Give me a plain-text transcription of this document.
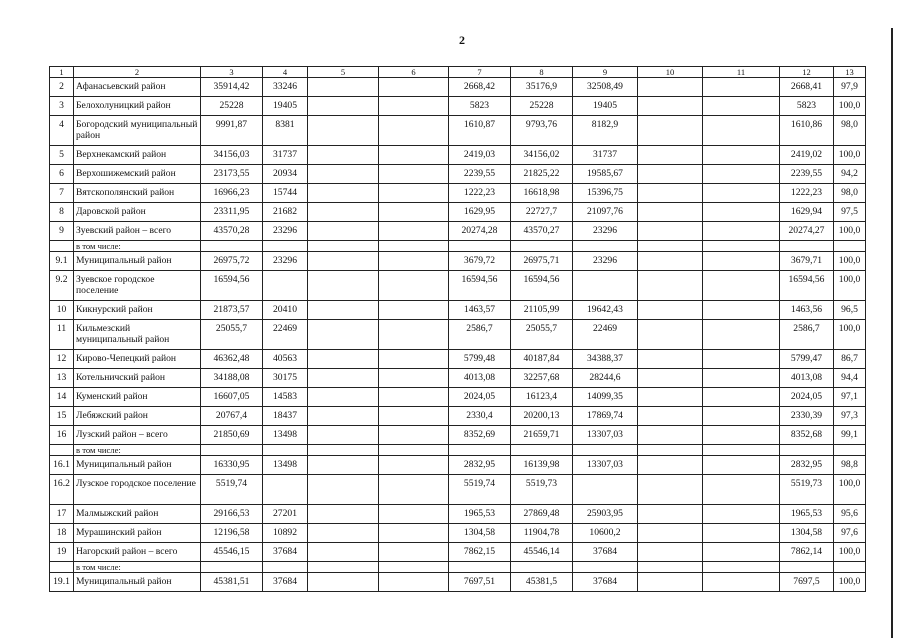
2
1	2	3	4	5	6	7	8	9	10	11	12	13
2	Афанасьевский район	35914,42	33246			2668,42	35176,9	32508,49			2668,41	97,9
3	Белохолуницкий район	25228	19405			5823	25228	19405			5823	100,0
4	Богородский муниципальный район	9991,87	8381			1610,87	9793,76	8182,9			1610,86	98,0
5	Верхнекамский район	34156,03	31737			2419,03	34156,02	31737			2419,02	100,0
6	Верхошижемский район	23173,55	20934			2239,55	21825,22	19585,67			2239,55	94,2
7	Вятскополянский район	16966,23	15744			1222,23	16618,98	15396,75			1222,23	98,0
8	Даровской район	23311,95	21682			1629,95	22727,7	21097,76			1629,94	97,5
9	Зуевский район – всего	43570,28	23296			20274,28	43570,27	23296			20274,27	100,0
	в том числе:											
9.1	Муниципальный район	26975,72	23296			3679,72	26975,71	23296			3679,71	100,0
9.2	Зуевское городское поселение	16594,56				16594,56	16594,56				16594,56	100,0
10	Кикнурский район	21873,57	20410			1463,57	21105,99	19642,43			1463,56	96,5
11	Кильмезский муниципальный район	25055,7	22469			2586,7	25055,7	22469			2586,7	100,0
12	Кирово-Чепецкий район	46362,48	40563			5799,48	40187,84	34388,37			5799,47	86,7
13	Котельничский район	34188,08	30175			4013,08	32257,68	28244,6			4013,08	94,4
14	Куменский район	16607,05	14583			2024,05	16123,4	14099,35			2024,05	97,1
15	Лебяжский район	20767,4	18437			2330,4	20200,13	17869,74			2330,39	97,3
16	Лузский район – всего	21850,69	13498			8352,69	21659,71	13307,03			8352,68	99,1
	в том числе:											
16.1	Муниципальный район	16330,95	13498			2832,95	16139,98	13307,03			2832,95	98,8
16.2	Лузское городское поселение	5519,74				5519,74	5519,73				5519,73	100,0
17	Малмыжский район	29166,53	27201			1965,53	27869,48	25903,95			1965,53	95,6
18	Мурашинский район	12196,58	10892			1304,58	11904,78	10600,2			1304,58	97,6
19	Нагорский район – всего	45546,15	37684			7862,15	45546,14	37684			7862,14	100,0
	в том числе:											
19.1	Муниципальный район	45381,51	37684			7697,51	45381,5	37684			7697,5	100,0
